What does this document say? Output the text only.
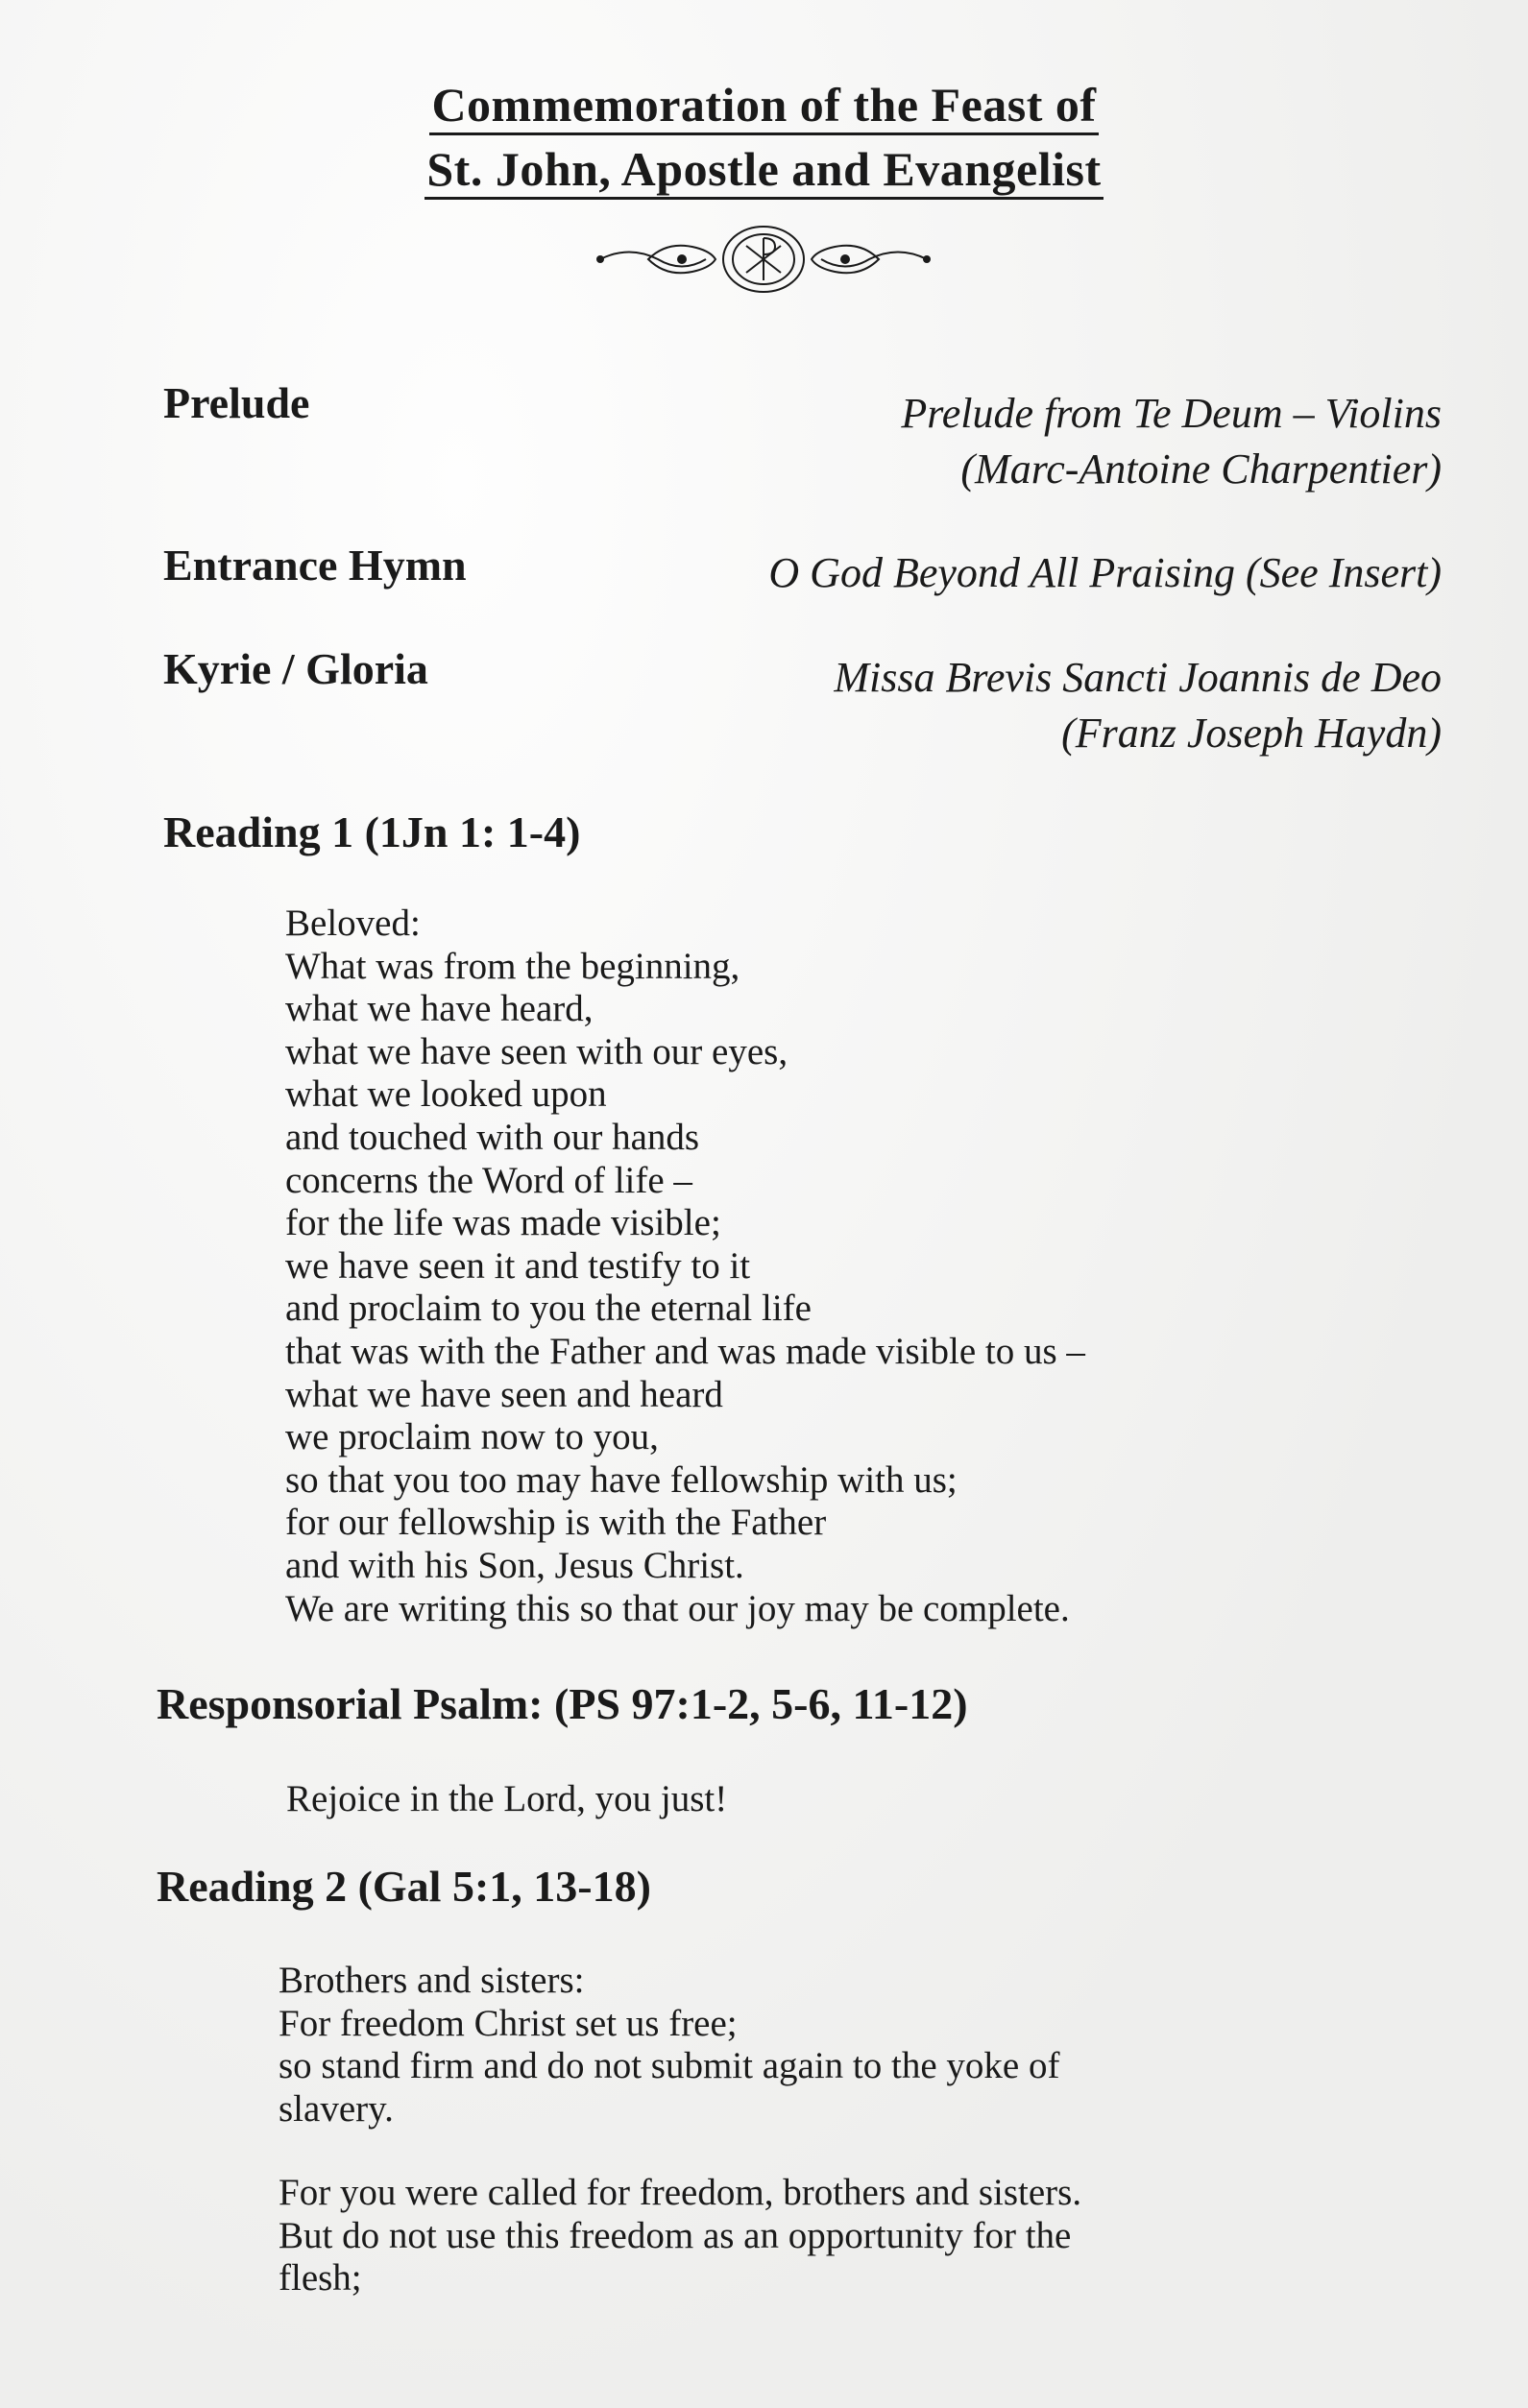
Commemoration of the Feast of
St. John, Apostle and Evangelist
Prelude	Prelude from Te Deum – Violins
(Marc-Antoine Charpentier)
Entrance Hymn	O God Beyond All Praising (See Insert)
Kyrie / Gloria	Missa Brevis Sancti Joannis de Deo
(Franz Joseph Haydn)
Reading 1 (1Jn 1: 1-4)
Beloved:
What was from the beginning,
what we have heard,
what we have seen with our eyes,
what we looked upon
and touched with our hands
concerns the Word of life –
for the life was made visible;
we have seen it and testify to it
and proclaim to you the eternal life
that was with the Father and was made visible to us –
what we have seen and heard
we proclaim now to you,
so that you too may have fellowship with us;
for our fellowship is with the Father
and with his Son, Jesus Christ.
We are writing this so that our joy may be complete.
Responsorial Psalm: (PS 97:1-2, 5-6, 11-12)
Rejoice in the Lord, you just!
Reading 2 (Gal 5:1, 13-18)
Brothers and sisters:
For freedom Christ set us free;
so stand firm and do not submit again to the yoke of
slavery.
For you were called for freedom, brothers and sisters.
But do not use this freedom as an opportunity for the
flesh;
